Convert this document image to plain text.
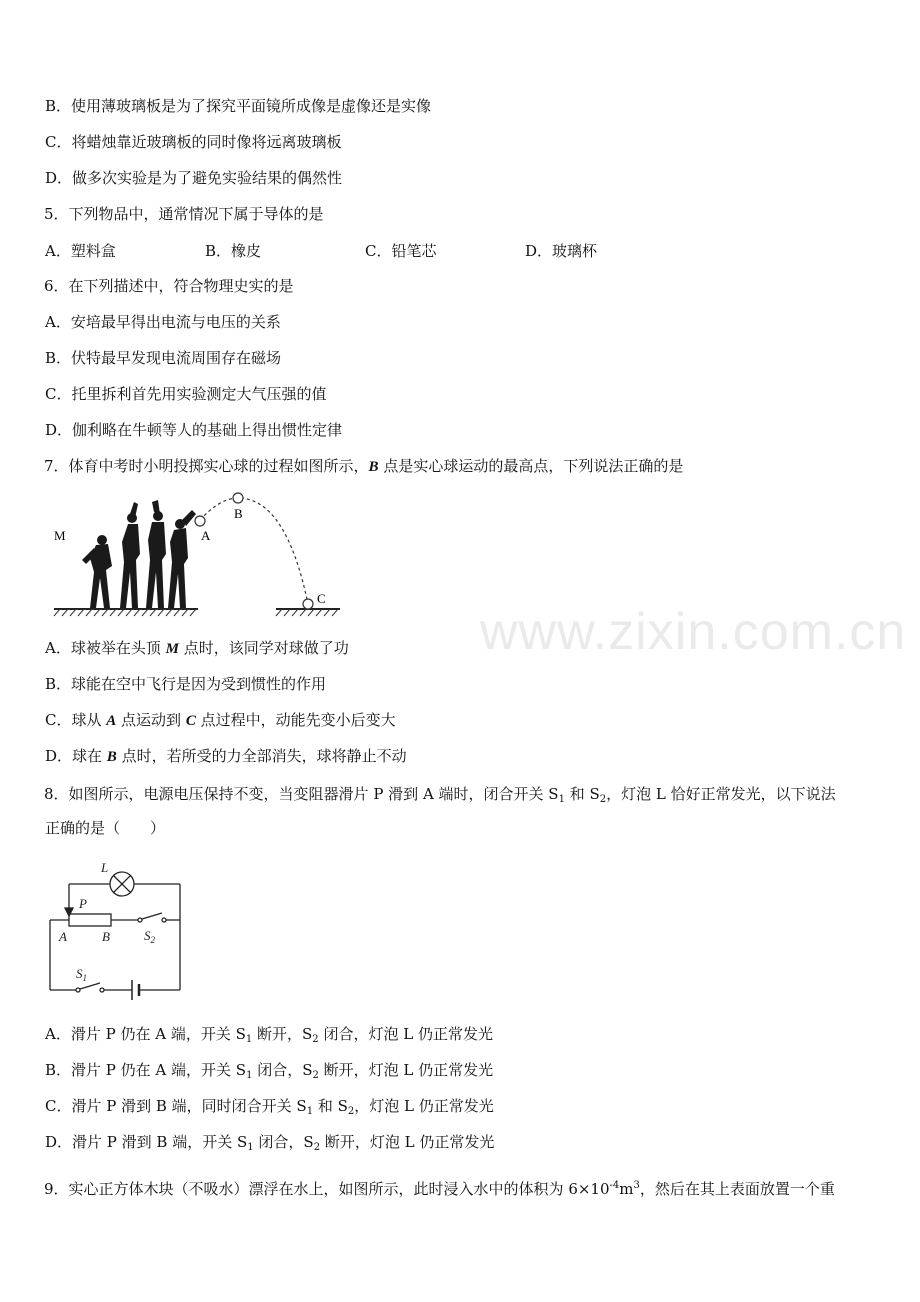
B．使用薄玻璃板是为了探究平面镜所成像是虚像还是实像
C．将蜡烛靠近玻璃板的同时像将远离玻璃板
D．做多次实验是为了避免实验结果的偶然性
5．下列物品中，通常情况下属于导体的是
A．塑料盒	B．橡皮	C．铅笔芯	D．玻璃杯
6．在下列描述中，符合物理史实的是
A．安培最早得出电流与电压的关系
B．伏特最早发现电流周围存在磁场
C．托里拆利首先用实验测定大气压强的值
D．伽利略在牛顿等人的基础上得出惯性定律
7．体育中考时小明投掷实心球的过程如图所示，B 点是实心球运动的最高点，下列说法正确的是
M	A
B
C
www.zixin.com.cn
A．球被举在头顶 M 点时，该同学对球做了功
B．球能在空中飞行是因为受到惯性的作用
C．球从 A 点运动到 C 点过程中，动能先变小后变大
D．球在 B 点时，若所受的力全部消失，球将静止不动
8．如图所示，电源电压保持不变，当变阻器滑片 P 滑到 A 端时，闭合开关 $S_1$ 和 $S_2$，灯泡 L 恰好正常发光，以下说法
正确的是（　　）
L
P
A	B	$S_2$
$S_1$
A．滑片 P 仍在 A 端，开关 $S_1$ 断开，$S_2$ 闭合，灯泡 L 仍正常发光
B．滑片 P 仍在 A 端，开关 $S_1$ 闭合，$S_2$ 断开，灯泡 L 仍正常发光
C．滑片 P 滑到 B 端，同时闭合开关 $S_1$ 和 $S_2$，灯泡 L 仍正常发光
D．滑片 P 滑到 B 端，开关 $S_1$ 闭合，$S_2$ 断开，灯泡 L 仍正常发光
9．实心正方体木块（不吸水）漂浮在水上，如图所示，此时浸入水中的体积为 $6\times 10^{-4}m^3$，然后在其上表面放置一个重
